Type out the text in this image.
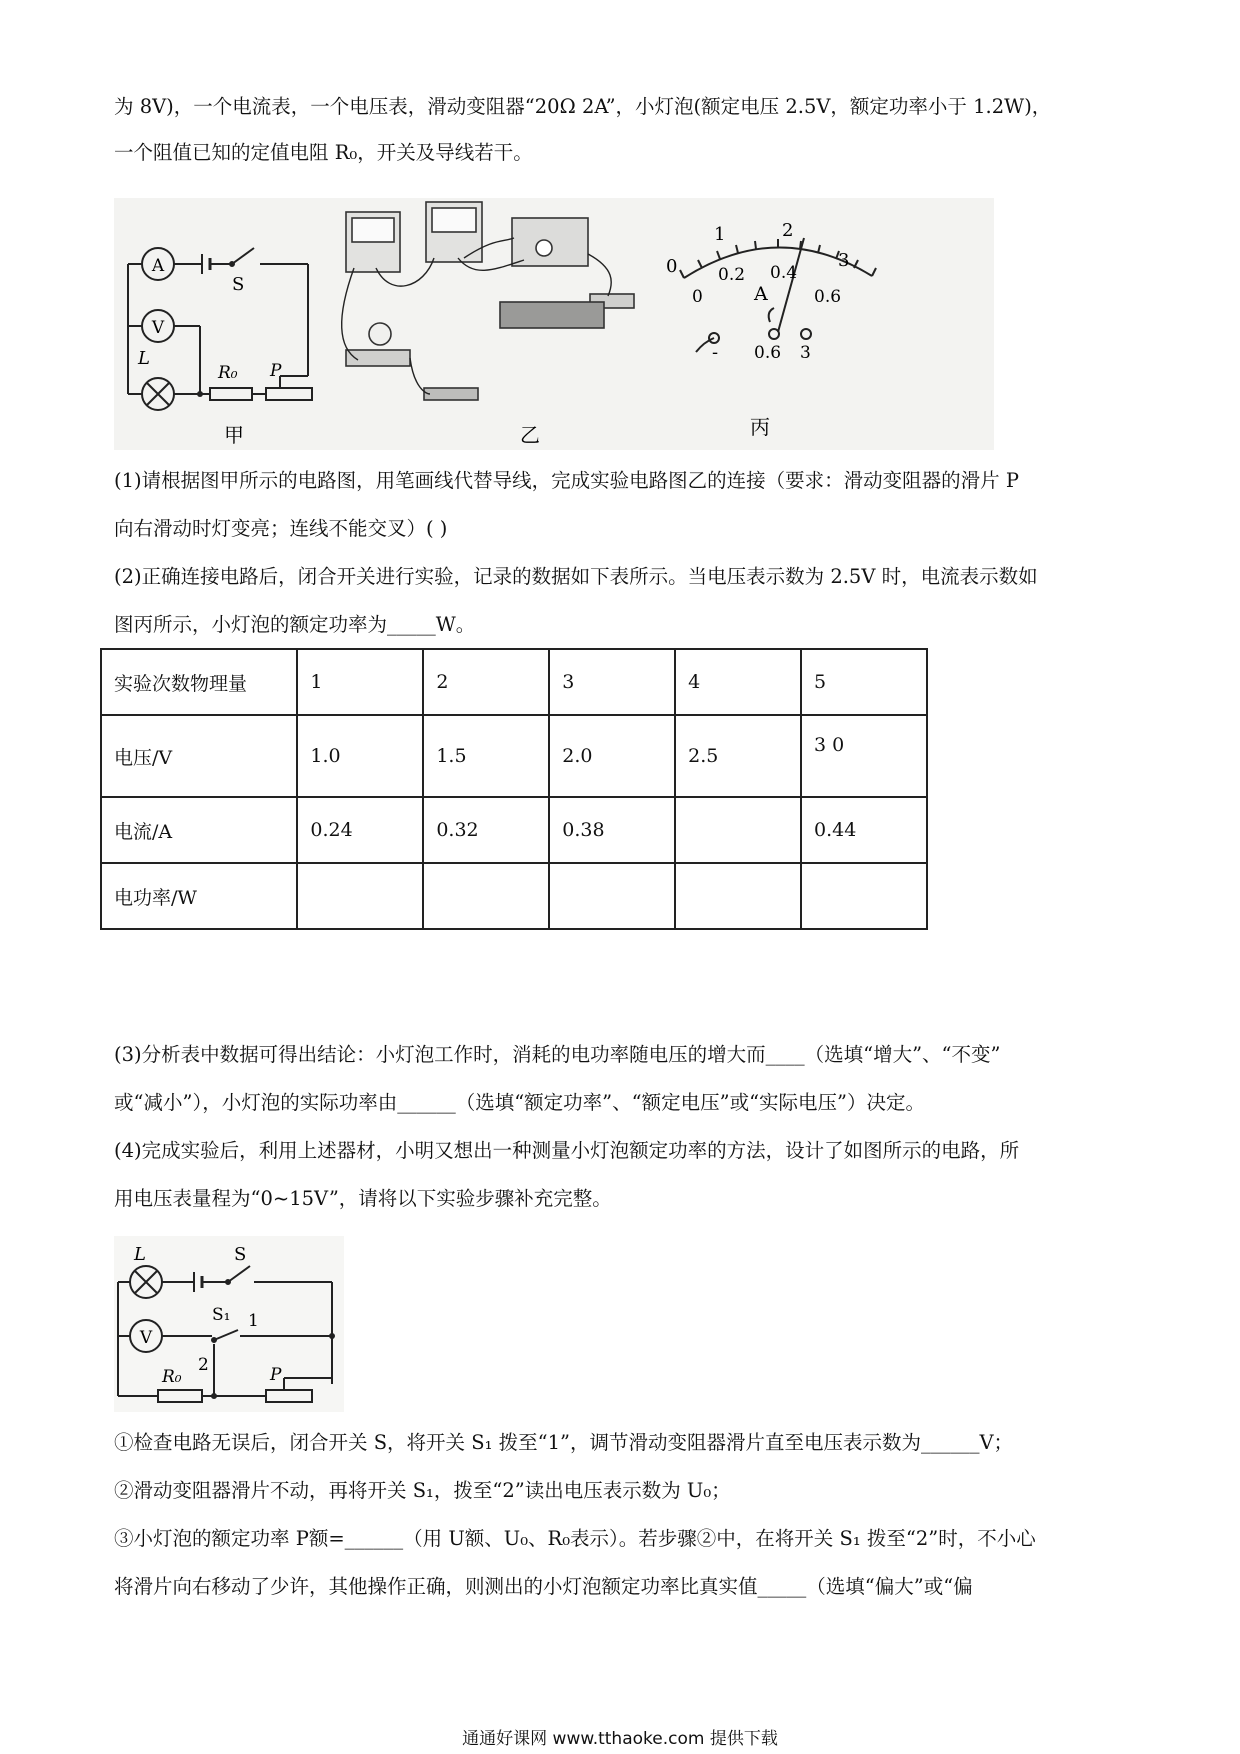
为 8V)，一个电流表，一个电压表，滑动变阻器“20Ω 2A”，小灯泡(额定电压 2.5V，额定功率小于 1.2W)，
一个阻值已知的定值电阻 R₀，开关及导线若干。
A
V
S
L
R₀ P
甲	乙
0
1	2
3
0
0.2 0.4
0.6
A
- 0.6 3
丙
(1)请根据图甲所示的电路图，用笔画线代替导线，完成实验电路图乙的连接（要求：滑动变阻器的滑片 P
向右滑动时灯变亮；连线不能交叉）( )
(2)正确连接电路后，闭合开关进行实验，记录的数据如下表所示。当电压表示数为 2.5V 时，电流表示数如
图丙所示，小灯泡的额定功率为_____W。
实验次数物理量	1	2	3	4	5
电压/V	1.0	1.5	2.0	2.5	3 0
电流/A	0.24	0.32	0.38		0.44
电功率/W					
(3)分析表中数据可得出结论：小灯泡工作时，消耗的电功率随电压的增大而____（选填“增大”、“不变”
或“减小”），小灯泡的实际功率由______（选填“额定功率”、“额定电压”或“实际电压”）决定。
(4)完成实验后，利用上述器材，小明又想出一种测量小灯泡额定功率的方法，设计了如图所示的电路，所
用电压表量程为“0~15V”，请将以下实验步骤补充完整。
V
L	S
S₁ 1
2
R₀	P
①检查电路无误后，闭合开关 S，将开关 S₁ 拨至“1”，调节滑动变阻器滑片直至电压表示数为______V；
②滑动变阻器滑片不动，再将开关 S₁，拨至“2”读出电压表示数为 U₀；
③小灯泡的额定功率 P额=______（用 U额、U₀、R₀表示）。若步骤②中，在将开关 S₁ 拨至“2”时，不小心
将滑片向右移动了少许，其他操作正确，则测出的小灯泡额定功率比真实值_____（选填“偏大”或“偏
通通好课网 www.tthaoke.com 提供下载
